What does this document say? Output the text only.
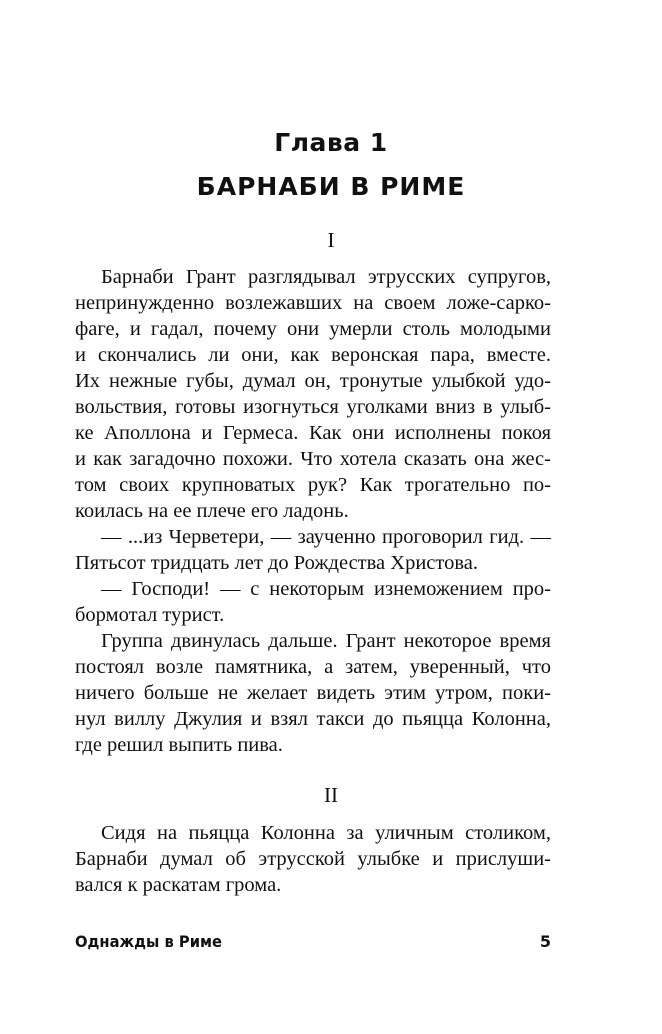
Глава 1
БАРНАБИ В РИМЕ
I
Барнаби Грант разглядывал этрусских супругов,
непринужденно возлежавших на своем ложе-сарко-
фаге, и гадал, почему они умерли столь молодыми
и скончались ли они, как веронская пара, вместе.
Их нежные губы, думал он, тронутые улыбкой удо-
вольствия, готовы изогнуться уголками вниз в улыб-
ке Аполлона и Гермеса. Как они исполнены покоя
и как загадочно похожи. Что хотела сказать она жес-
том своих крупноватых рук? Как трогательно по-
коилась на ее плече его ладонь.
— ...из Черветери, — заученно проговорил гид. —
Пятьсот тридцать лет до Рождества Христова.
— Господи! — с некоторым изнеможением про-
бормотал турист.
Группа двинулась дальше. Грант некоторое время
постоял возле памятника, а затем, уверенный, что
ничего больше не желает видеть этим утром, поки-
нул виллу Джулия и взял такси до пьяцца Колонна,
где решил выпить пива.
II
Сидя на пьяцца Колонна за уличным столиком,
Барнаби думал об этрусской улыбке и прислуши-
вался к раскатам грома.
Однажды в Риме	5
